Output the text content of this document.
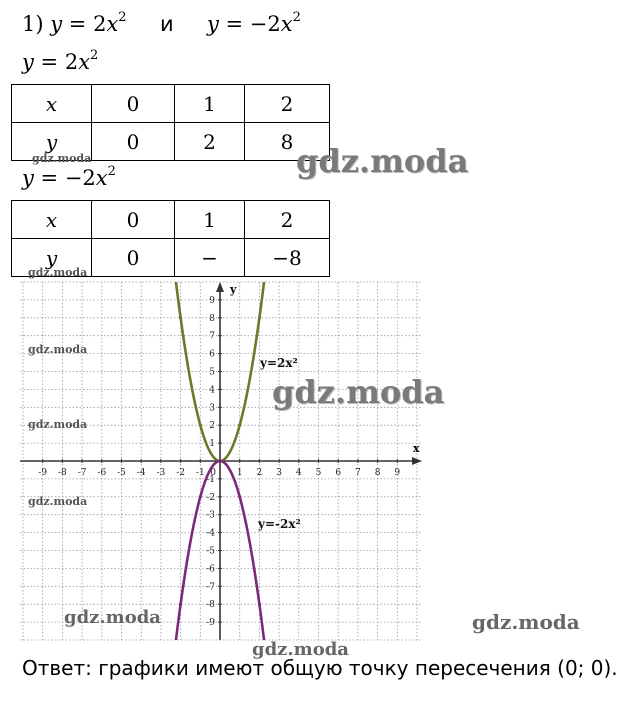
1) $y = 2x^2$ и $y = -2x^2$
$y = 2x^2$
x	0	1	2
y	0	2	8
$y = -2x^2$
x	0	1	2
y	0	−	−8
-9 -8 -7 -6 -5 -4 -3 -2 -1	1 2 3 4 5 6 7 8 9
9
8
7
6
5
4
3
2
1
-1
-2
-3
-4
-5
-6
-7
-8
-9
0
x
y
y=2x²
y=-2x²
gdz.moda
gdz.moda
gdz.moda
gdz.moda
gdz.moda
gdz.moda
gdz.moda
gdz.moda
gdz.moda
gdz.moda
Ответ: графики имеют общую точку пересечения (0; 0).
